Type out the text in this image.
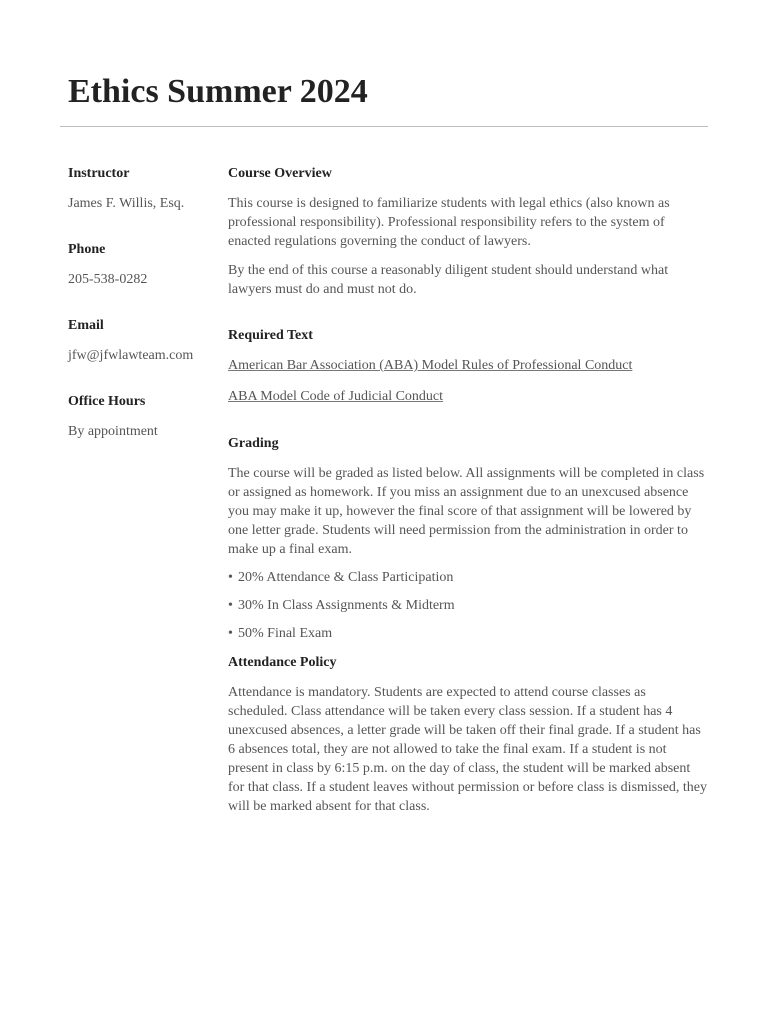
Ethics Summer 2024

Instructor

James F. Willis, Esq.

Phone

205-538-0282

Email

jfw@jfwlawteam.com

Office Hours

By appointment

Course Overview

This course is designed to familiarize students with legal ethics (also known as professional responsibility). Professional responsibility refers to the system of enacted regulations governing the conduct of lawyers.

By the end of this course a reasonably diligent student should understand what lawyers must do and must not do.

Required Text

American Bar Association (ABA) Model Rules of Professional Conduct
ABA Model Code of Judicial Conduct

Grading

The course will be graded as listed below. All assignments will be completed in class or assigned as homework. If you miss an assignment due to an unexcused absence you may make it up, however the final score of that assignment will be lowered by one letter grade. Students will need permission from the administration in order to make up a final exam.

• 20% Attendance & Class Participation
• 30% In Class Assignments & Midterm
• 50% Final Exam

Attendance Policy

Attendance is mandatory. Students are expected to attend course classes as scheduled. Class attendance will be taken every class session. If a student has 4 unexcused absences, a letter grade will be taken off their final grade. If a student has 6 absences total, they are not allowed to take the final exam. If a student is not present in class by 6:15 p.m. on the day of class, the student will be marked absent for that class. If a student leaves without permission or before class is dismissed, they will be marked absent for that class.
